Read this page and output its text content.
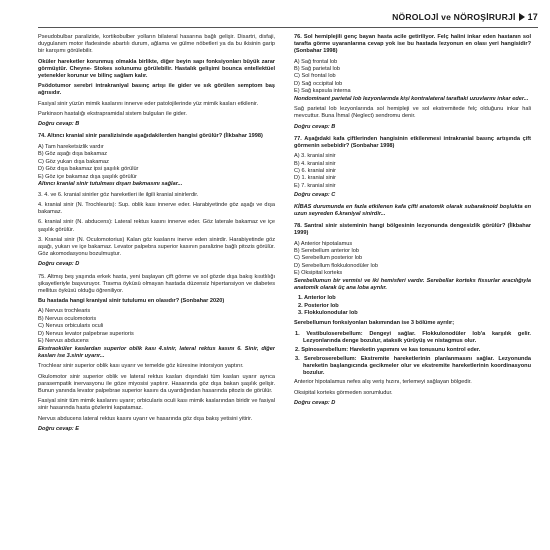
NÖROLOJİ ve NÖROŞİRURJİ 17

Pseudobulbar paralizide, kortikobulber yolların bilateral hasarına bağlı gelişir. Disartri, disfaji, duygulanım motor ifadesinde abartılı durum, ağlama ve gülme nöbetleri ya da bu ikisinin garip bir karışımı görülebilir.

Oküler hareketler korunmuş olmakla birlikte, diğer beyin sapı fonksiyonları büyük zarar görmüştür. Cheyne- Stokes solunumu görülebilir. Hastalık gelişimi bounca entellektüel yetenekler korunur ve bilinç sağlam kalır.

Psödotumor serebri intrakraniyal basınç artışı ile gider ve sık görülen semptom baş ağrısıdır.

Fasiyal sinir yüzün mimik kaslarını innerve eder patolojilerinde yüz mimik kasları etkilenir.

Parkinson hastalığı ekstrapramidal sistem bulguları ile gider.

Doğru cevap: B

74. Altıncı kranial sinir paralizisinde aşağıdakilerden hangisi görülür? (İlkbahar 1998)

A) Tam hareketsizlik vardır
B) Göz aşağı dışa bakamaz
C) Göz yukarı dışa bakamaz
D) Göz dışa bakamaz ipsi şaşılık görülür
E) Göz içe bakamaz dışa şaşılık görülür

Altıncı kranial sinir tutulması dışarı bakmasını sağlar...

3. 4. ve 6. kranial sinirler göz hareketleri ile ilgili kranial sinirlerdir.

4. kranial sinir (N. Trochlearis): Sup. oblik kası innerve eder. Harabiyetinde göz aşağı ve dışa bakamaz.

6. kranial sinir (N. abducens): Lateral rektus kasını innerve eder. Göz laterale bakamaz ve içe şaşılık görülür.

3. Kranial sinir (N. Oculomotorius) Kalan göz kaslarını inerve eden sinirdir. Harabiyetinde göz aşağı, yukarı ve içe bakamaz. Levator palpebra superior kasının paralizine bağlı pitozis görülür. Göz akomodasyonu bozulmuştur.

Doğru cevap: D

75. Altmış beş yaşında erkek hasta, yeni başlayan çift görme ve sol gözde dışa bakış kısıtlılığı şikayetleriyle başvuruyor. Travma öyküsü olmayan hastada düzensiz hipertansiyon ve diabetes mellitus öyküsü olduğu öğreniliyor.

Bu hastada hangi kraniyal sinir tutulumu en olasıdır? (Sonbahar 2020)

A) Nervus trochlearis
B) Nervus oculomotoris
C) Nervus orbicularis oculi
D) Nervus levator palpebrae superioris
E) Nervus abducens

Ekstraoküler kaslardan superior oblik kası 4.sinir, lateral rektus kasını 6. Sinir, diğer kasları ise 3.sinir uyarır...

Trochlear sinir superior oblik kası uyarır ve temelde göz küresine intorsiyon yaptırır.

Okulomotor sinir superior oblik ve lateral rektus kasları dışındaki tüm kasları uyarır ayrıca parasempatik inervasyonu ile göze miyosisi yaptırır. Hasarında göz dışa bakan şaşılık gelişir. Bunun yanında levator palpebrae superior kasını da uyardığından hasarında pitozis de görülür.

Fasiyal sinir tüm mimik kaslarını uyarır; orbicularis oculi kası mimik kaslarından biridir ve fasiyal sinir hasarında hasta gözlerini kapatamaz.

Nervus abducens lateral rektus kasını uyarır ve hasarında göz dışa bakış yetisini yitirir.

Doğru cevap: E

76. Sol hemiplejili genç bayan hasta acile getiriliyor. Felç halini inkar eden hastanın sol tarafta görme uyaranlarına cevap yok ise bu hastada lezyonun en olası yeri hangisidir? (Sonbahar 1998)

A) Sağ frontal lob
B) Sağ parietal lob
C) Sol frontal lob
D) Sağ occipital lob
E) Sağ kapsula interna

Nondominant parietal lob lezyonlarında kişi kontralateral taraftaki uzuvlarını inkar eder...

Sağ parietal lob lezyonlarında sol hemipleji ve sol ekstremitede felç olduğunu inkar hali mevcuttur. Buna İhmal (Neglect) sendromu denir.

Doğru cevap: B

77. Aşağıdaki kafa çiftlerinden hangisinin etkilenmesi intrakranial basınç artışında çift görmenin sebebidir? (Sonbahar 1998)

A) 3. kranial sinir
B) 4. kranial sinir
C) 6. kranial sinir
D) 1. kranial sinir
E) 7. kranial sinir
Doğru cevap: C

KİBAS durumunda en fazla etkilenen kafa çifti anatomik olarak subaraknoid boşlukta en uzun seyreden 6.kraniyal sinirdir...

78. Santral sinir sisteminin hangi bölgesinin lezyonunda dengesizlik görülür? (İlkbahar 1999)

A) Anterior hipotalamus
B) Serebellum anterior lob
C) Serebellum posterior lob
D) Serebellum flokkulonodüler lob
E) Oksipital korteks

Serebellumun bir vermisi ve iki hemisferi vardır. Serebellar korteks fissurlar aracılığıyla anatomik olarak üç ana loba ayrılır.

1. Anterior lob
2. Posterior lob
3. Flokkulonodular lob

Serebellumun fonksiyonları bakımından ise 3 bölüme ayrılır;

1. Vestibuloserebellum: Dengeyi sağlar. Flokkulonodüler lob'a karşılık gelir. Lezyonlarında denge bozulur, ataksik yürüyüş ve nistagmus olur.
2. Spinoserebellum: Hareketin yapımını ve kas tonusunu kontrol eder.
3. Serebroserebellum: Ekstremite hareketlerinin planlanmasını sağlar. Lezyonunda hareketin başlangıcında gecikmeler olur ve ekstremite hareketlerinin koordinasyonu bozulur.

Anterior hipotalamus nefes alış veriş hızını, terlemeyi sağlayan bölgedir.

Oksipital korteks görmeden sorumludur.

Doğru cevap: D
